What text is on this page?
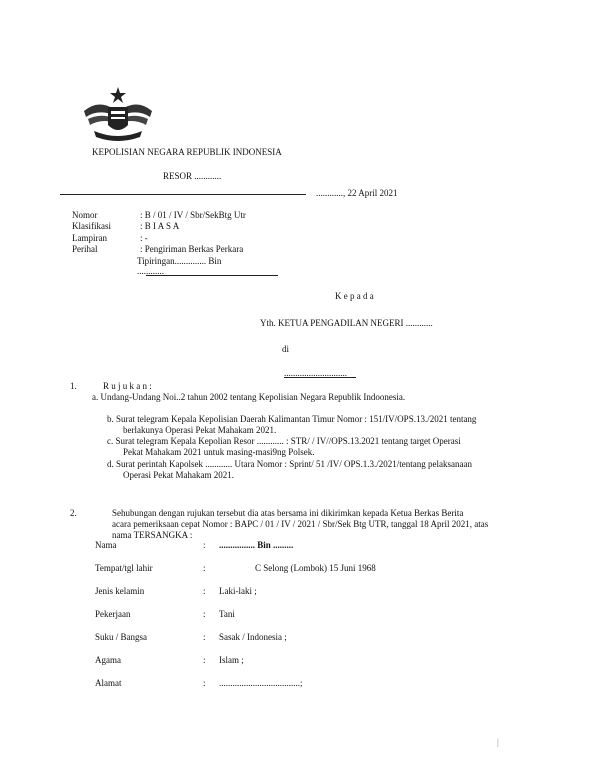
KEPOLISIAN NEGARA REPUBLIK INDONESIA
RESOR ............
............, 22 April 2021
Nomor	: B / 01 / IV / Sbr/SekBtg Utr
Klasifikasi	: B I A S A
Lampiran	: -
Perihal	: Pengiriman Berkas Perkara
Tipiringan.............. Bin
............
K e p a d a
Yth. KETUA PENGADILAN NEGERI ............
di
............................
1.	R u j u k a n :
a. Undang-Undang Noi..2 tahun 2002 tentang Kepolisian Negara Republik Indoonesia.
b. Surat telegram Kepala Kepolisian Daerah Kalimantan Timur Nomor : 151/IV/OPS.13./2021 tentang
berlakunya Operasi Pekat Mahakam 2021.
c. Surat telegram Kepala Kepolian Resor ............ : STR/ / IV//OPS.13.2021 tentang target Operasi
Pekat Mahakam 2021 untuk masing-masi9ng Polsek.
d. Surat perintah Kapolsek ............ Utara Nomor : Sprint/ 51 /IV/ OPS.1.3./2021/tentang pelaksanaan
Operasi Pekat Mahakam 2021.
2.	Sehubungan dengan rujukan tersebut dia atas bersama ini dikirimkan kepada Ketua Berkas Berita
acara pemeriksaan cepat Nomor : BAPC / 01 / IV / 2021 / Sbr/Sek Btg UTR, tanggal 18 April 2021, atas
nama TERSANGKA :
Nama	: ................ Bin .........
Tempat/tgl lahir	:	C Selong (Lombok) 15 Juni 1968
Jenis kelamin	: Laki-laki ;
Pekerjaan	: Tani
Suku / Bangsa	: Sasak / Indonesia ;
Agama	: Islam ;
Alamat	: ....................................;
|
